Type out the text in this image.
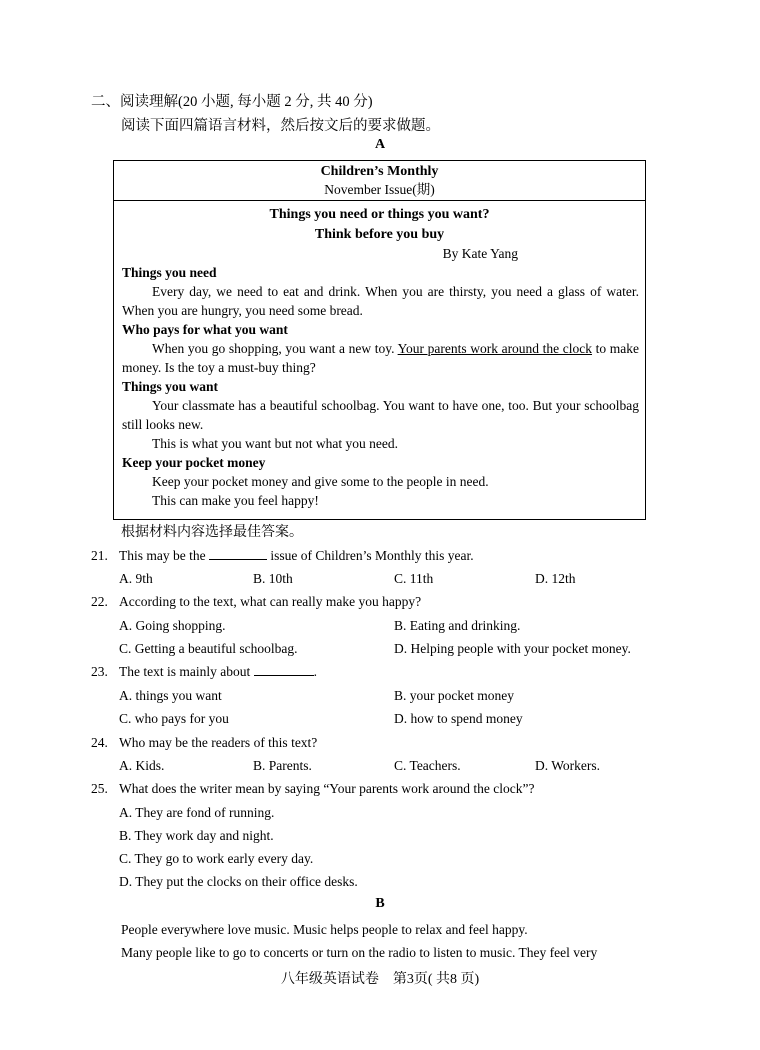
二、阅读理解(20 小题, 每小题 2 分, 共 40 分)
阅读下面四篇语言材料，然后按文后的要求做题。
A
Children’s Monthly
November Issue(期)
Things you need or things you want?
Think before you buy
By Kate Yang
Things you need
Every day, we need to eat and drink. When you are thirsty, you need a glass of water. When you are hungry, you need some bread.
Who pays for what you want
When you go shopping, you want a new toy. Your parents work around the clock to make money. Is the toy a must-buy thing?
Things you want
Your classmate has a beautiful schoolbag. You want to have one, too. But your schoolbag still looks new.
This is what you want but not what you need.
Keep your pocket money
Keep your pocket money and give some to the people in need.
This can make you feel happy!
根据材料内容选择最佳答案。
21. This may be the	issue of Children’s Monthly this year.
A. 9th	B. 10th	C. 11th	D. 12th
22. According to the text, what can really make you happy?
A. Going shopping.	B. Eating and drinking.
C. Getting a beautiful schoolbag.	D. Helping people with your pocket money.
23. The text is mainly about	.
A. things you want	B. your pocket money
C. who pays for you	D. how to spend money
24. Who may be the readers of this text?
A. Kids.	B. Parents.	C. Teachers.	D. Workers.
25. What does the writer mean by saying “Your parents work around the clock”?
A. They are fond of running.
B. They work day and night.
C. They go to work early every day.
D. They put the clocks on their office desks.
B
People everywhere love music. Music helps people to relax and feel happy.
Many people like to go to concerts or turn on the radio to listen to music. They feel very
八年级英语试卷　第3页( 共8 页)
